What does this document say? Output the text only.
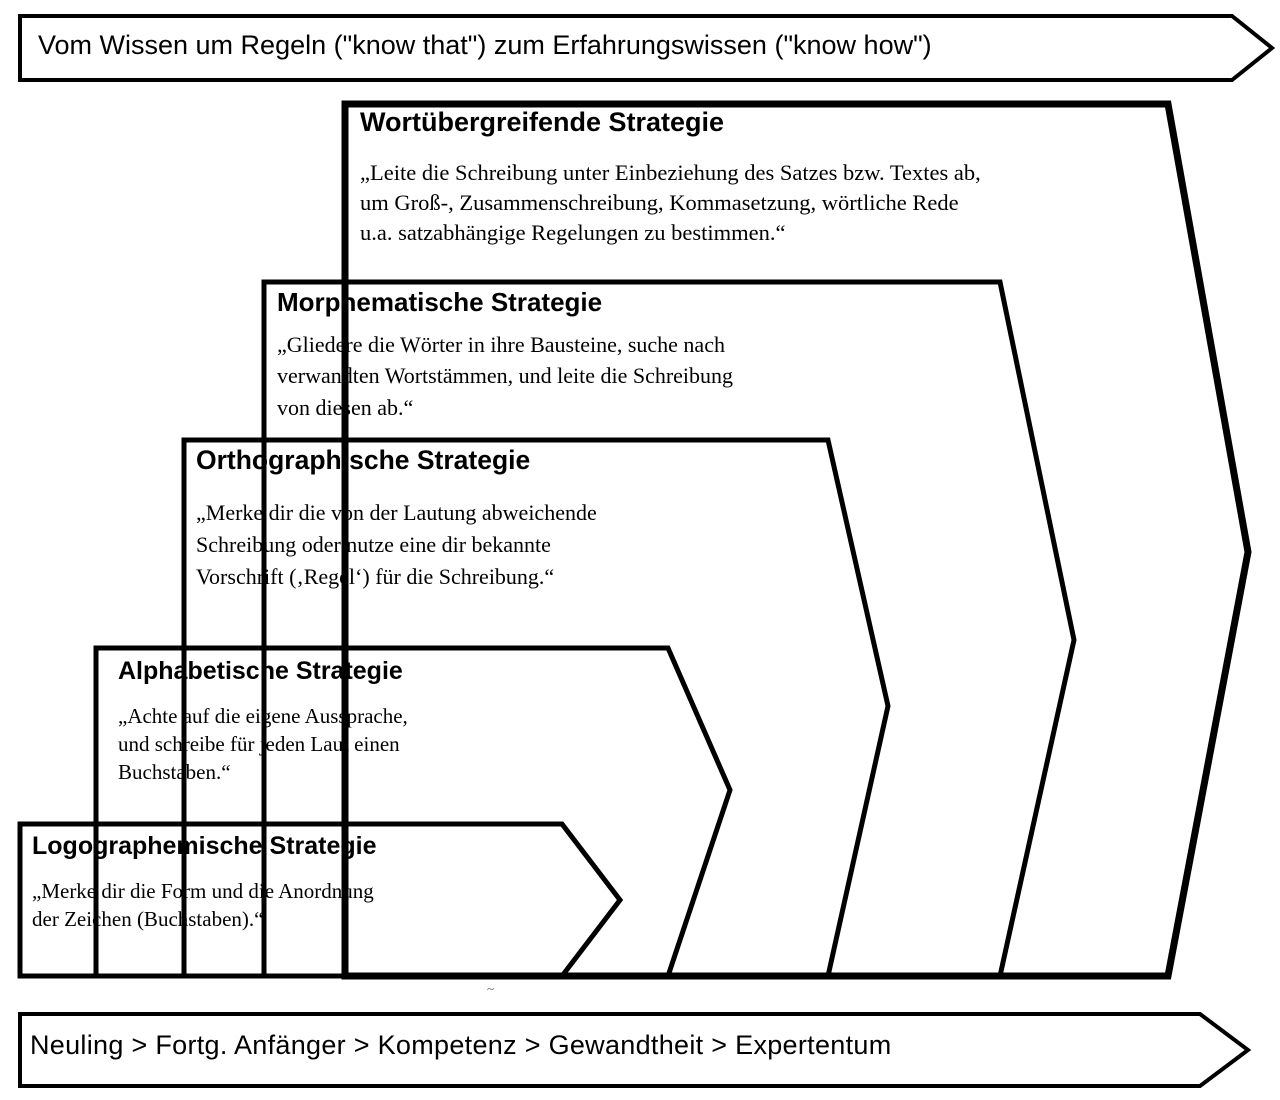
Vom Wissen um Regeln ("know that") zum Erfahrungswissen ("know how")
Wortübergreifende Strategie
„Leite die Schreibung unter Einbeziehung des Satzes bzw. Textes ab,
um Groß-, Zusammenschreibung, Kommasetzung, wörtliche Rede
u.a. satzabhängige Regelungen zu bestimmen.“
Morphematische Strategie
„Gliedere die Wörter in ihre Bausteine, suche nach
verwandten Wortstämmen, und leite die Schreibung
von diesen ab.“
Orthographische Strategie
„Merke dir die von der Lautung abweichende
Schreibung oder nutze eine dir bekannte
Vorschrift (‚Regel‘) für die Schreibung.“
Alphabetische Strategie
„Achte auf die eigene Aussprache,
und schreibe für jeden Laut einen
Buchstaben.“
Logographemische Strategie
„Merke dir die Form und die Anordnung
der Zeichen (Buchstaben).“
~
Neuling > Fortg. Anfänger > Kompetenz > Gewandtheit > Expertentum
